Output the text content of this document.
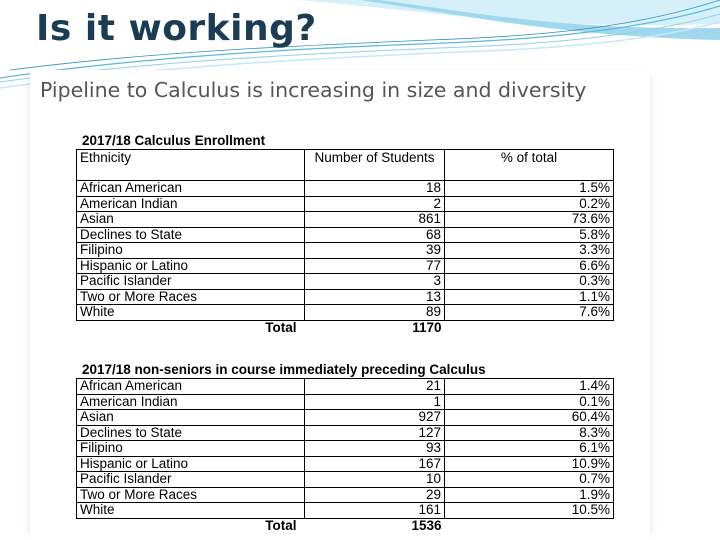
Is it working?
Pipeline to Calculus is increasing in size and diversity
2017/18 Calculus Enrollment
Ethnicity	Number of Students	% of total
African American	18	1.5%
American Indian	2	0.2%
Asian	861	73.6%
Declines to State	68	5.8%
Filipino	39	3.3%
Hispanic or Latino	77	6.6%
Pacific Islander	3	0.3%
Two or More Races	13	1.1%
White	89	7.6%
Total	1170	
2017/18 non-seniors in course immediately preceding Calculus
African American	21	1.4%
American Indian	1	0.1%
Asian	927	60.4%
Declines to State	127	8.3%
Filipino	93	6.1%
Hispanic or Latino	167	10.9%
Pacific Islander	10	0.7%
Two or More Races	29	1.9%
White	161	10.5%
Total	1536	
